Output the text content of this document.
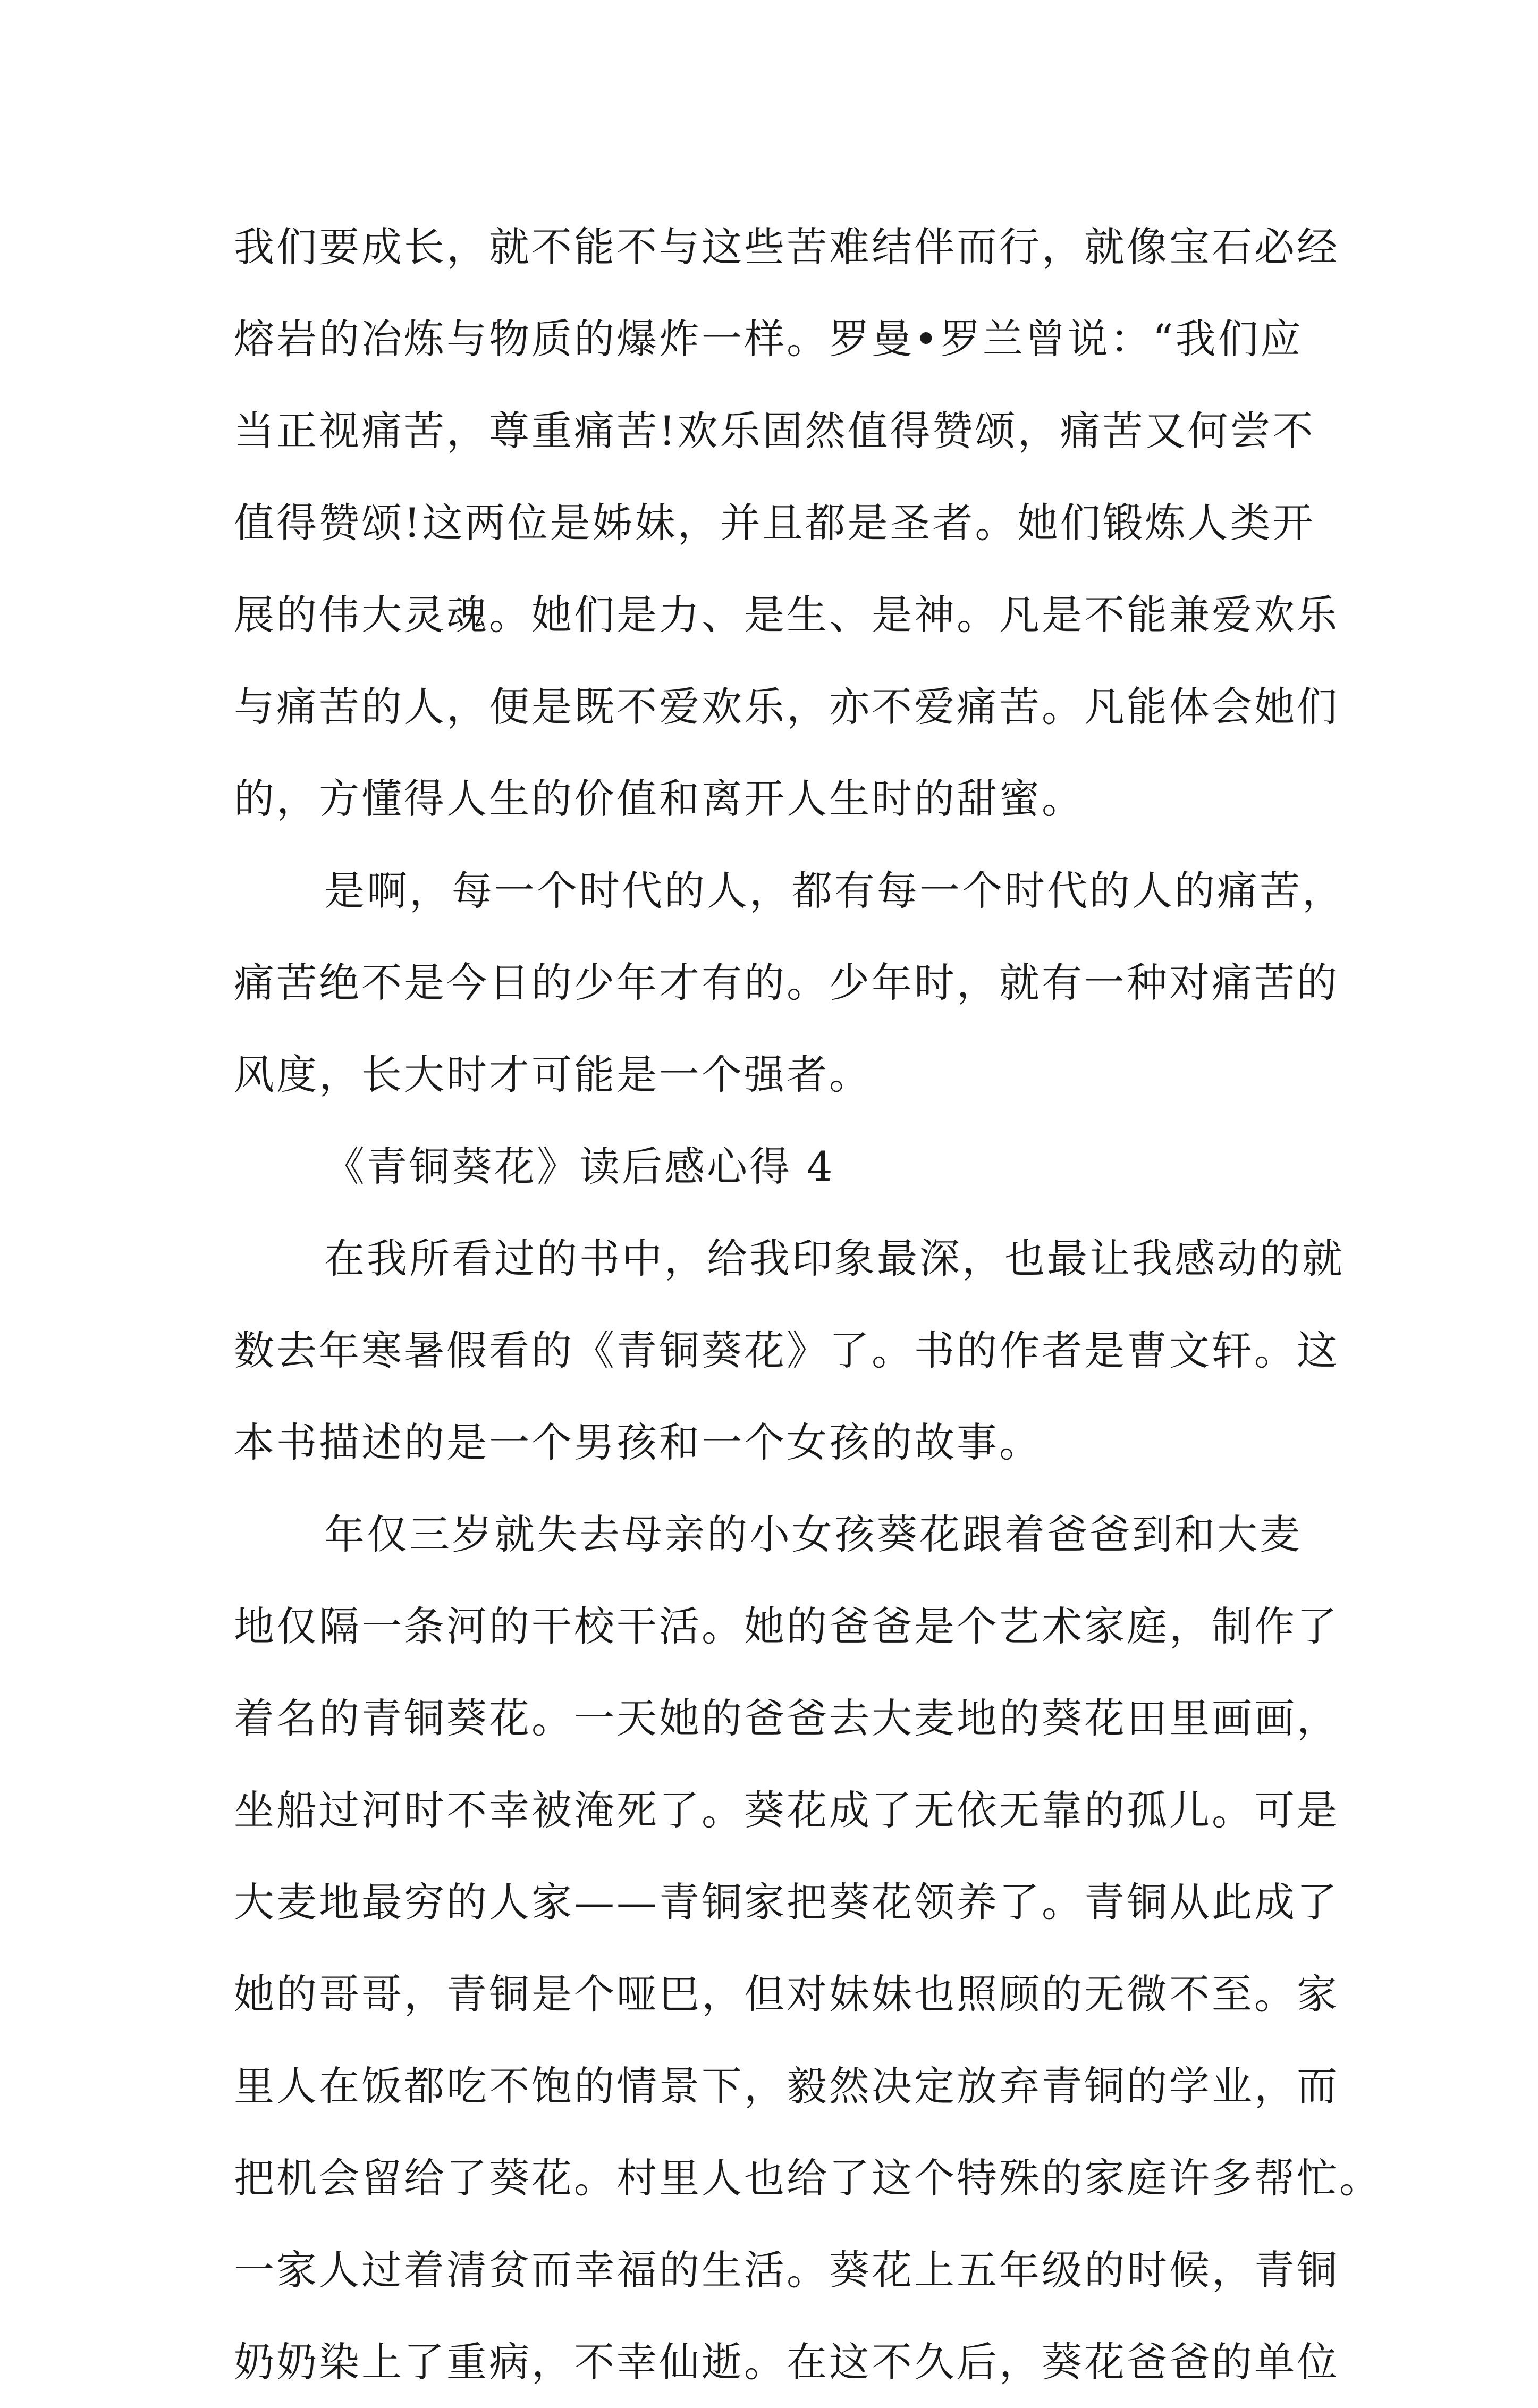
我们要成长，就不能不与这些苦难结伴而行，就像宝石必经
熔岩的冶炼与物质的爆炸一样。罗曼•罗兰曾说：“我们应
当正视痛苦，尊重痛苦!欢乐固然值得赞颂，痛苦又何尝不
值得赞颂!这两位是姊妹，并且都是圣者。她们锻炼人类开
展的伟大灵魂。她们是力、是生、是神。凡是不能兼爱欢乐
与痛苦的人，便是既不爱欢乐，亦不爱痛苦。凡能体会她们
的，方懂得人生的价值和离开人生时的甜蜜。
是啊，每一个时代的人，都有每一个时代的人的痛苦，
痛苦绝不是今日的少年才有的。少年时，就有一种对痛苦的
风度，长大时才可能是一个强者。
《青铜葵花》读后感心得 4
在我所看过的书中，给我印象最深，也最让我感动的就
数去年寒暑假看的《青铜葵花》了。书的作者是曹文轩。这
本书描述的是一个男孩和一个女孩的故事。
年仅三岁就失去母亲的小女孩葵花跟着爸爸到和大麦
地仅隔一条河的干校干活。她的爸爸是个艺术家庭，制作了
着名的青铜葵花。一天她的爸爸去大麦地的葵花田里画画，
坐船过河时不幸被淹死了。葵花成了无依无靠的孤儿。可是
大麦地最穷的人家——青铜家把葵花领养了。青铜从此成了
她的哥哥，青铜是个哑巴，但对妹妹也照顾的无微不至。家
里人在饭都吃不饱的情景下，毅然决定放弃青铜的学业，而
把机会留给了葵花。村里人也给了这个特殊的家庭许多帮忙。
一家人过着清贫而幸福的生活。葵花上五年级的时候，青铜
奶奶染上了重病，不幸仙逝。在这不久后，葵花爸爸的单位
